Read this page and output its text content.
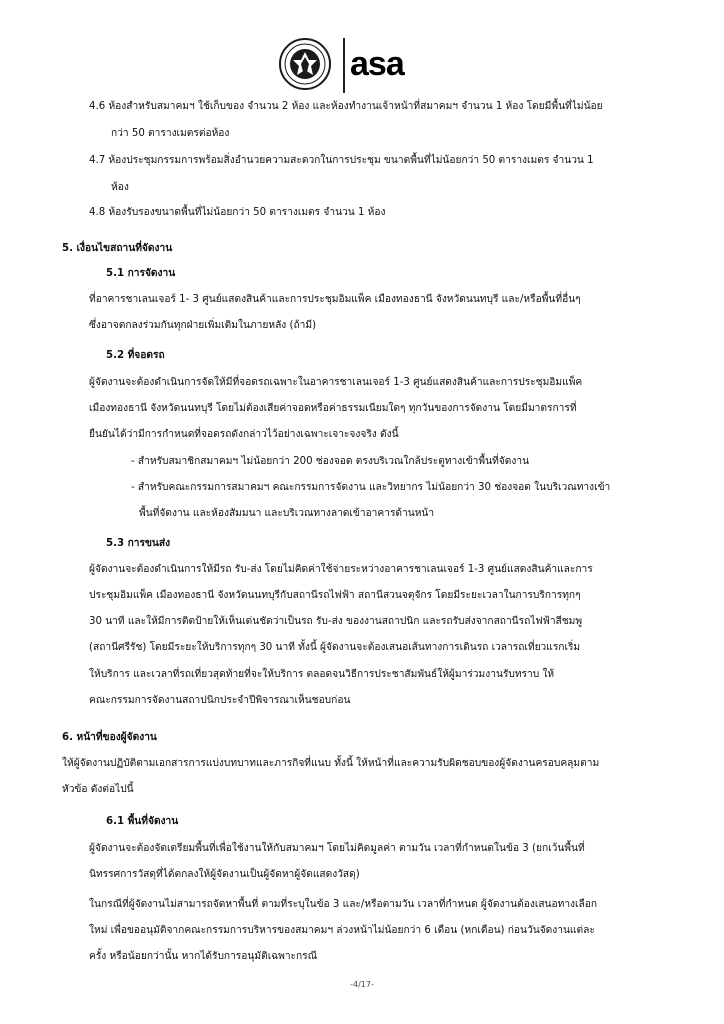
asa
4.6 ห้องสำหรับสมาคมฯ ใช้เก็บของ จำนวน 2 ห้อง และห้องทำงานเจ้าหน้าที่สมาคมฯ จำนวน 1 ห้อง โดยมีพื้นที่ไม่น้อย
กว่า 50 ตารางเมตรต่อห้อง
4.7 ห้องประชุมกรรมการพร้อมสิ่งอำนวยความสะดวกในการประชุม ขนาดพื้นที่ไม่น้อยกว่า 50 ตารางเมตร จำนวน 1
ห้อง
4.8 ห้องรับรองขนาดพื้นที่ไม่น้อยกว่า 50 ตารางเมตร จำนวน 1 ห้อง
5. เงื่อนไขสถานที่จัดงาน
5.1 การจัดงาน
ที่อาคารชาเลนเจอร์ 1- 3 ศูนย์แสดงสินค้าและการประชุมอิมแพ็ค เมืองทองธานี จังหวัดนนทบุรี และ/หรือพื้นที่อื่นๆ
ซึ่งอาจตกลงร่วมกันทุกฝ่ายเพิ่มเติมในภายหลัง (ถ้ามี)
5.2 ที่จอดรถ
ผู้จัดงานจะต้องดำเนินการจัดให้มีที่จอดรถเฉพาะในอาคารชาเลนเจอร์ 1-3 ศูนย์แสดงสินค้าและการประชุมอิมแพ็ค
เมืองทองธานี จังหวัดนนทบุรี โดยไม่ต้องเสียค่าจอดหรือค่าธรรมเนียมใดๆ ทุกวันของการจัดงาน โดยมีมาตรการที่
ยืนยันได้ว่ามีการกำหนดที่จอดรถดังกล่าวไว้อย่างเฉพาะเจาะจงจริง ดังนี้
- สำหรับสมาชิกสมาคมฯ ไม่น้อยกว่า 200 ช่องจอด ตรงบริเวณใกล้ประตูทางเข้าพื้นที่จัดงาน
- สำหรับคณะกรรมการสมาคมฯ คณะกรรมการจัดงาน และวิทยากร ไม่น้อยกว่า 30 ช่องจอด ในบริเวณทางเข้า
พื้นที่จัดงาน และห้องสัมมนา และบริเวณทางลาดเข้าอาคารด้านหน้า
5.3 การขนส่ง
ผู้จัดงานจะต้องดำเนินการให้มีรถ รับ-ส่ง โดยไม่คิดค่าใช้จ่ายระหว่างอาคารชาเลนเจอร์ 1-3 ศูนย์แสดงสินค้าและการ
ประชุมอิมแพ็ค เมืองทองธานี จังหวัดนนทบุรีกับสถานีรถไฟฟ้า สถานีสวนจตุจักร โดยมีระยะเวลาในการบริการทุกๆ
30 นาที และให้มีการติดป้ายให้เห็นเด่นชัดว่าเป็นรถ รับ-ส่ง ของงานสถาปนิก และรถรับส่งจากสถานีรถไฟฟ้าสีชมพู
(สถานีศรีรัช) โดยมีระยะให้บริการทุกๆ 30 นาที ทั้งนี้ ผู้จัดงานจะต้องเสนอเส้นทางการเดินรถ เวลารถเที่ยวแรกเริ่ม
ให้บริการ และเวลาที่รถเที่ยวสุดท้ายที่จะให้บริการ ตลอดจนวิธีการประชาสัมพันธ์ให้ผู้มาร่วมงานรับทราบ ให้
คณะกรรมการจัดงานสถาปนิกประจำปีพิจารณาเห็นชอบก่อน
6. หน้าที่ของผู้จัดงาน
ให้ผู้จัดงานปฏิบัติตามเอกสารการแบ่งบทบาทและภารกิจที่แนบ ทั้งนี้ ให้หน้าที่และความรับผิดชอบของผู้จัดงานครอบคลุมตาม
หัวข้อ ดังต่อไปนี้
6.1 พื้นที่จัดงาน
ผู้จัดงานจะต้องจัดเตรียมพื้นที่เพื่อใช้งานให้กับสมาคมฯ โดยไม่คิดมูลค่า ตามวัน เวลาที่กำหนดในข้อ 3 (ยกเว้นพื้นที่
นิทรรศการวัสดุที่ได้ตกลงให้ผู้จัดงานเป็นผู้จัดหาผู้จัดแสดงวัสดุ)
ในกรณีที่ผู้จัดงานไม่สามารถจัดหาพื้นที่ ตามที่ระบุในข้อ 3 และ/หรือตามวัน เวลาที่กำหนด ผู้จัดงานต้องเสนอทางเลือก
ใหม่ เพื่อขออนุมัติจากคณะกรรมการบริหารของสมาคมฯ ล่วงหน้าไม่น้อยกว่า 6 เดือน (หกเดือน) ก่อนวันจัดงานแต่ละ
ครั้ง หรือน้อยกว่านั้น หากได้รับการอนุมัติเฉพาะกรณี
-4/17-
